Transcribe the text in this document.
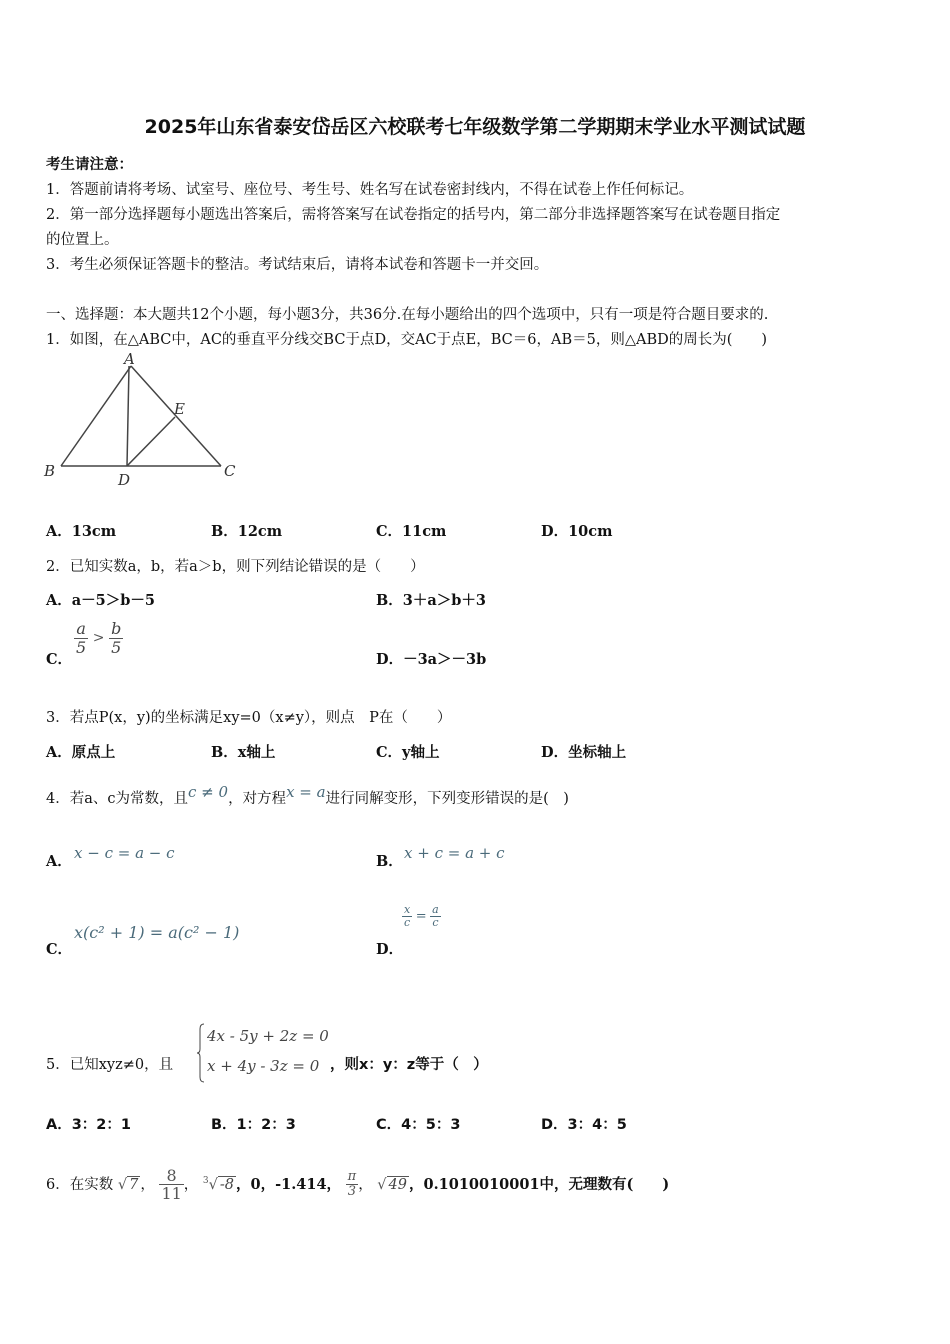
2025年山东省泰安岱岳区六校联考七年级数学第二学期期末学业水平测试试题
考生请注意：
1．答题前请将考场、试室号、座位号、考生号、姓名写在试卷密封线内，不得在试卷上作任何标记。
2．第一部分选择题每小题选出答案后，需将答案写在试卷指定的括号内，第二部分非选择题答案写在试卷题目指定
的位置上。
3．考生必须保证答题卡的整洁。考试结束后，请将本试卷和答题卡一并交回。
一、选择题：本大题共12个小题，每小题3分，共36分.在每小题给出的四个选项中，只有一项是符合题目要求的.
1．如图，在△ABC中，AC的垂直平分线交BC于点D，交AC于点E，BC＝6，AB＝5，则△ABD的周长为(　　)
A
B	C
D
E
A．13cm	B．12cm	C．11cm	D．10cm
2．已知实数a，b，若a＞b，则下列结论错误的是（　　）
A．a－5＞b－5	B．3＋a＞b＋3
C．
$\frac{a}{5} > \frac{b}{5}$
D．－3a＞－3b
3．若点P(x，y)的坐标满足xy=0（x≠y），则点　P在（　　）
A．原点上	B．x轴上	C．y轴上	D．坐标轴上
4．若a、c为常数，且c ≠ 0，对方程x = a进行同解变形，下列变形错误的是(　)
A． x − c = a − c	B． x + c = a + c
C．
x(c² + 1) = a(c² − 1)
D．
$\frac{x}{c} = \frac{a}{c}$
5．已知xyz≠0，且
4x - 5y + 2z = 0
x + 4y - 3z = 0 ，则x：y：z等于（　）
A．3：2：1	B．1：2：3	C．4：5：3	D．3：4：5
6．在实数 √ 7 ， $\frac{8}{11}$ ， $^3$√ -8 ，0，-1.414， $\frac{\pi}{3}$ ， √ 49 ，0.1010010001中，无理数有(　　)
